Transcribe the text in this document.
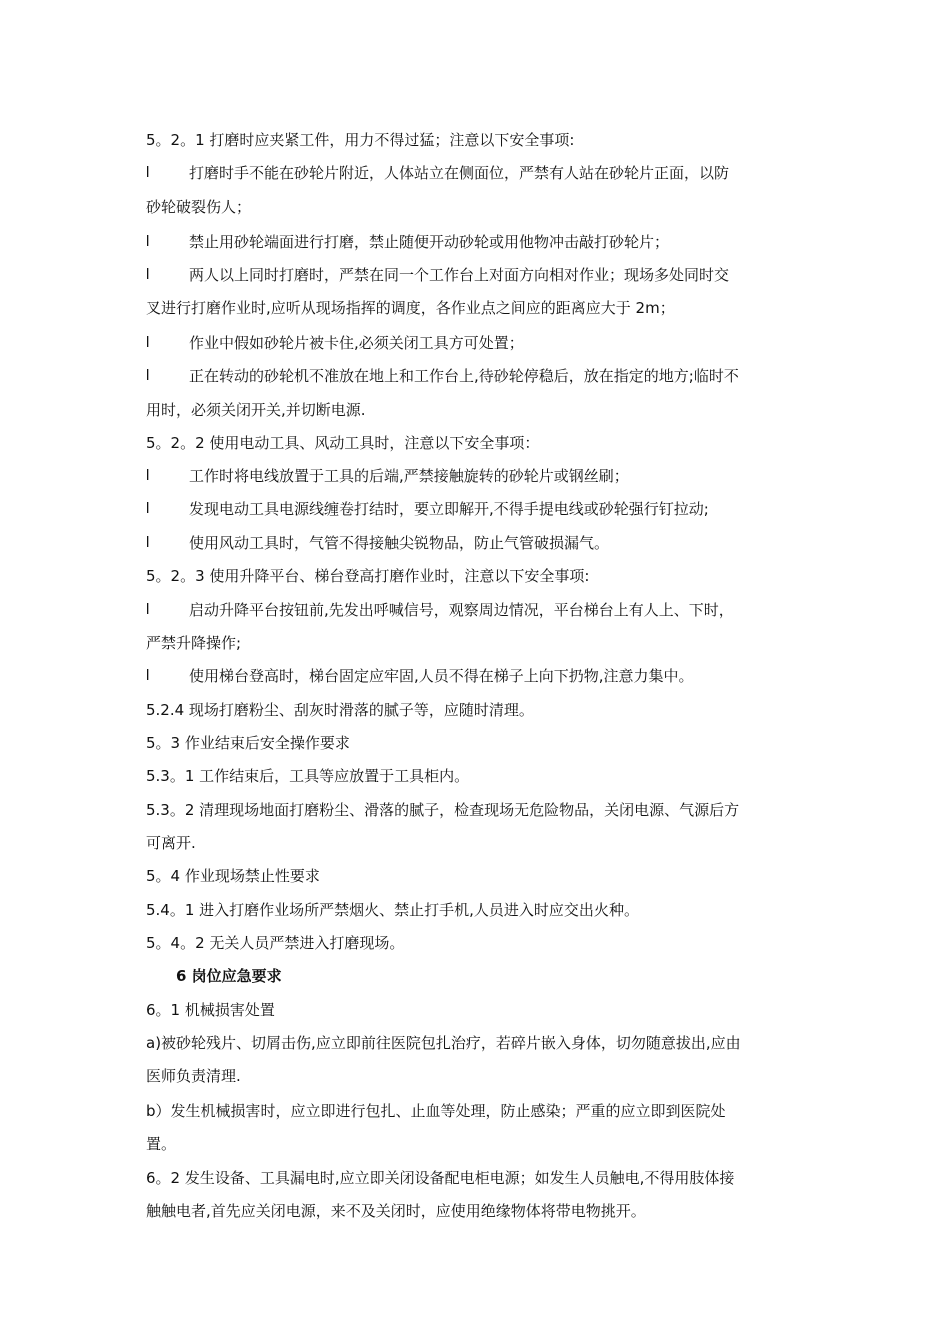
5。2。1 打磨时应夹紧工件，用力不得过猛；注意以下安全事项:
l	打磨时手不能在砂轮片附近，人体站立在侧面位，严禁有人站在砂轮片正面，以防
砂轮破裂伤人；
l	禁止用砂轮端面进行打磨，禁止随便开动砂轮或用他物冲击敲打砂轮片；
l	两人以上同时打磨时，严禁在同一个工作台上对面方向相对作业；现场多处同时交
叉进行打磨作业时,应听从现场指挥的调度，各作业点之间应的距离应大于 2m；
l	作业中假如砂轮片被卡住,必须关闭工具方可处置；
l	正在转动的砂轮机不准放在地上和工作台上,待砂轮停稳后，放在指定的地方;临时不
用时，必须关闭开关,并切断电源.
5。2。2 使用电动工具、风动工具时，注意以下安全事项：
l	工作时将电线放置于工具的后端,严禁接触旋转的砂轮片或钢丝刷；
l	发现电动工具电源线缠卷打结时，要立即解开,不得手提电线或砂轮强行钉拉动;
l	使用风动工具时，气管不得接触尖锐物品，防止气管破损漏气。
5。2。3 使用升降平台、梯台登高打磨作业时，注意以下安全事项:
l	启动升降平台按钮前,先发出呼喊信号，观察周边情况，平台梯台上有人上、下时，
严禁升降操作;
l	使用梯台登高时，梯台固定应牢固,人员不得在梯子上向下扔物,注意力集中。
5.2.4 现场打磨粉尘、刮灰时滑落的腻子等，应随时清理。
5。3 作业结束后安全操作要求
5.3。1 工作结束后，工具等应放置于工具柜内。
5.3。2 清理现场地面打磨粉尘、滑落的腻子，检查现场无危险物品，关闭电源、气源后方
可离开.
5。4 作业现场禁止性要求
5.4。1 进入打磨作业场所严禁烟火、禁止打手机,人员进入时应交出火种。
5。4。2 无关人员严禁进入打磨现场。
6 岗位应急要求
6。1 机械损害处置
a)被砂轮残片、切屑击伤,应立即前往医院包扎治疗，若碎片嵌入身体，切勿随意拔出,应由
医师负责清理.
b）发生机械损害时，应立即进行包扎、止血等处理，防止感染；严重的应立即到医院处
置。
6。2 发生设备、工具漏电时,应立即关闭设备配电柜电源；如发生人员触电,不得用肢体接
触触电者,首先应关闭电源，来不及关闭时，应使用绝缘物体将带电物挑开。
